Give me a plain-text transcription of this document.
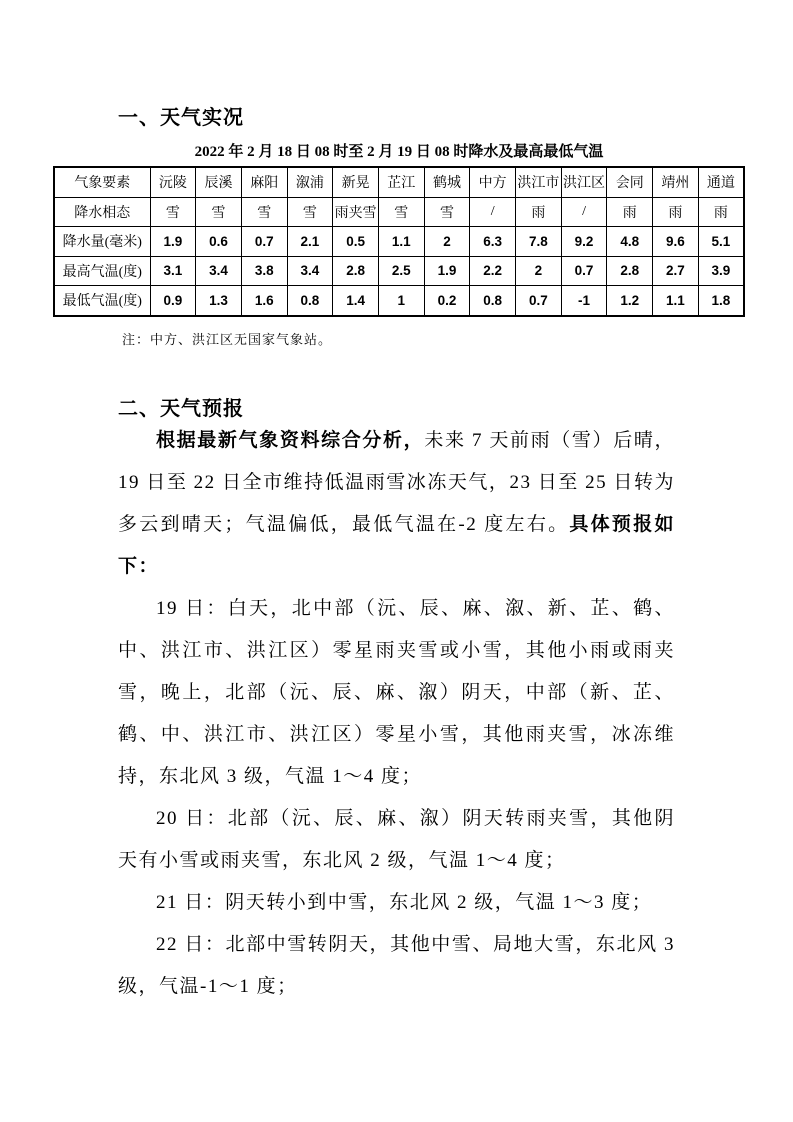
一、天气实况
2022 年 2 月 18 日 08 时至 2 月 19 日 08 时降水及最高最低气温
气象要素	沅陵	辰溪	麻阳	溆浦	新晃	芷江	鹤城	中方	洪江市	洪江区	会同	靖州	通道
降水相态	雪	雪	雪	雪	雨夹雪	雪	雪	/	雨	/	雨	雨	雨
降水量(毫米)	1.9	0.6	0.7	2.1	0.5	1.1	2	6.3	7.8	9.2	4.8	9.6	5.1
最高气温(度)	3.1	3.4	3.8	3.4	2.8	2.5	1.9	2.2	2	0.7	2.8	2.7	3.9
最低气温(度)	0.9	1.3	1.6	0.8	1.4	1	0.2	0.8	0.7	-1	1.2	1.1	1.8
注：中方、洪江区无国家气象站。
二、天气预报

根据最新气象资料综合分析，未来 7 天前雨（雪）后晴，19 日至 22 日全市维持低温雨雪冰冻天气，23 日至 25 日转为多云到晴天；气温偏低，最低气温在-2 度左右。具体预报如下：

19 日：白天，北中部（沅、辰、麻、溆、新、芷、鹤、中、洪江市、洪江区）零星雨夹雪或小雪，其他小雨或雨夹雪，晚上，北部（沅、辰、麻、溆）阴天，中部（新、芷、鹤、中、洪江市、洪江区）零星小雪，其他雨夹雪，冰冻维持，东北风 3 级，气温 1～4 度；

20 日：北部（沅、辰、麻、溆）阴天转雨夹雪，其他阴天有小雪或雨夹雪，东北风 2 级，气温 1～4 度；

21 日：阴天转小到中雪，东北风 2 级，气温 1～3 度；

22 日：北部中雪转阴天，其他中雪、局地大雪，东北风 3 级，气温-1～1 度；
